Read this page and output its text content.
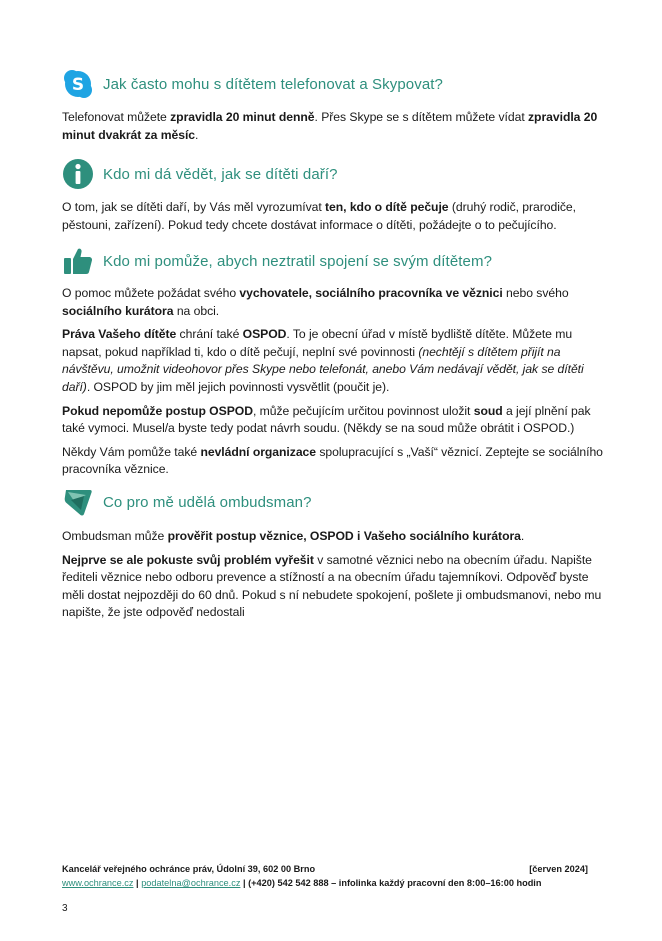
S Jak často mohu s dítětem telefonovat a Skypovat?

Telefonovat můžete zpravidla 20 minut denně. Přes Skype se s dítětem můžete vídat zpravidla 20 minut dvakrát za měsíc.

Kdo mi dá vědět, jak se dítěti daří?

O tom, jak se dítěti daří, by Vás měl vyrozumívat ten, kdo o dítě pečuje (druhý rodič, prarodiče, pěstouni, zařízení). Pokud tedy chcete dostávat informace o dítěti, požádejte o to pečujícího.

Kdo mi pomůže, abych neztratil spojení se svým dítětem?

O pomoc můžete požádat svého vychovatele, sociálního pracovníka ve věznici nebo svého sociálního kurátora na obci.

Práva Vašeho dítěte chrání také OSPOD. To je obecní úřad v místě bydliště dítěte. Můžete mu napsat, pokud například ti, kdo o dítě pečují, neplní své povinnosti (nechtějí s dítětem přijít na návštěvu, umožnit videohovor přes Skype nebo telefonát, anebo Vám nedávají vědět, jak se dítěti daří). OSPOD by jim měl jejich povinnosti vysvětlit (poučit je).

Pokud nepomůže postup OSPOD, může pečujícím určitou povinnost uložit soud a její plnění pak také vymoci. Musel/a byste tedy podat návrh soudu. (Někdy se na soud může obrátit i OSPOD.)

Někdy Vám pomůže také nevládní organizace spolupracující s „Vaší“ věznicí. Zeptejte se sociálního pracovníka věznice.

Co pro mě udělá ombudsman?

Ombudsman může prověřit postup věznice, OSPOD i Vašeho sociálního kurátora.

Nejprve se ale pokuste svůj problém vyřešit v samotné věznici nebo na obecním úřadu. Napište řediteli věznice nebo odboru prevence a stížností a na obecním úřadu tajemníkovi. Odpověď byste měli dostat nejpozději do 60 dnů. Pokud s ní nebudete spokojení, pošlete ji ombudsmanovi, nebo mu napište, že jste odpověď nedostali

Kancelář veřejného ochránce práv, Údolní 39, 602 00 Brno	[červen 2024]
www.ochrance.cz | podatelna@ochrance.cz | (+420) 542 542 888 – infolinka každý pracovní den 8:00–16:00 hodin
3
